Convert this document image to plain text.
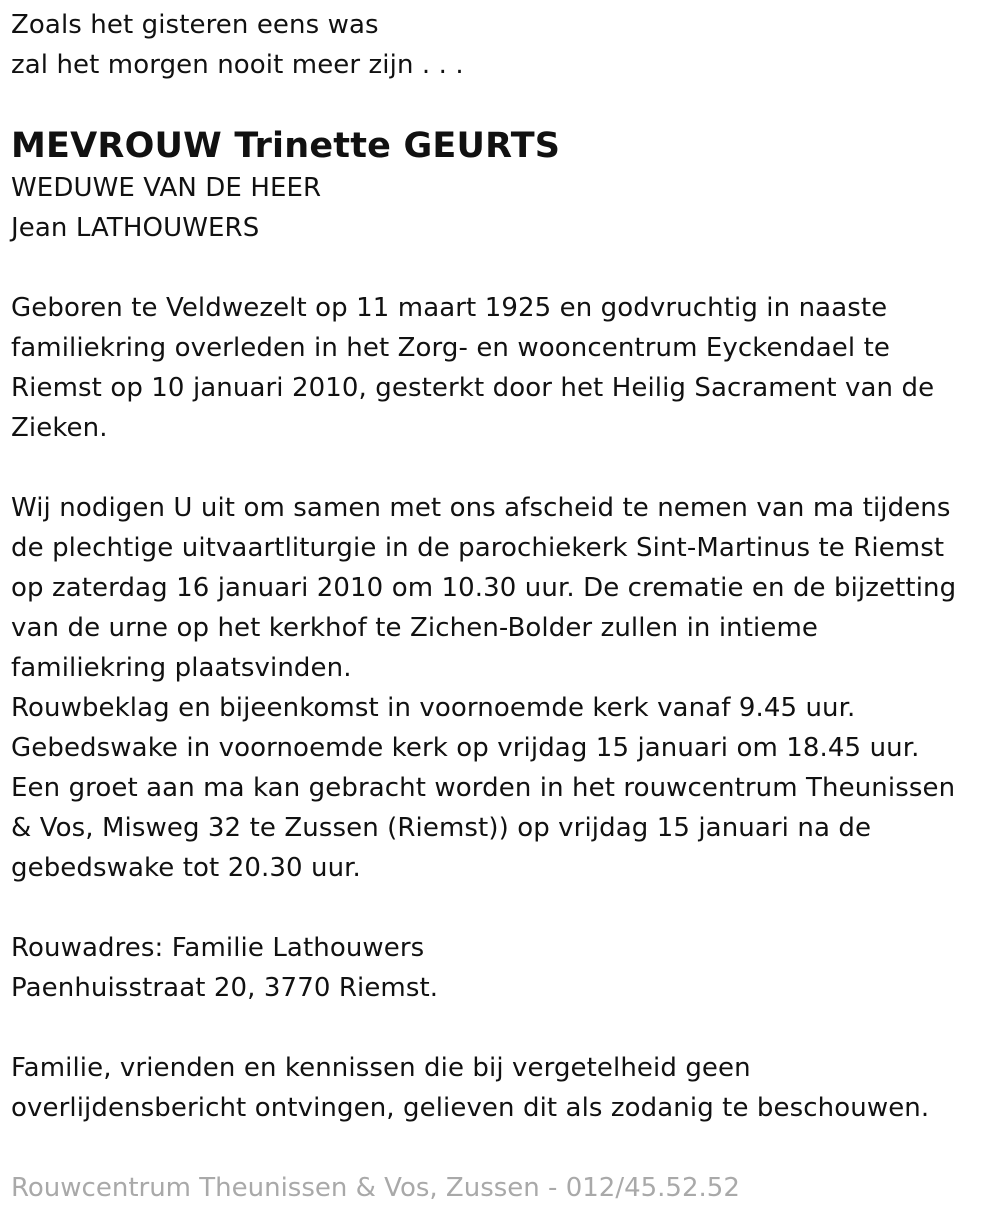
Zoals het gisteren eens was
zal het morgen nooit meer zijn . . .
MEVROUW Trinette GEURTS
WEDUWE VAN DE HEER
Jean LATHOUWERS
Geboren te Veldwezelt op 11 maart 1925 en godvruchtig in naaste
familiekring overleden in het Zorg- en wooncentrum Eyckendael te
Riemst op 10 januari 2010, gesterkt door het Heilig Sacrament van de
Zieken.
Wij nodigen U uit om samen met ons afscheid te nemen van ma tijdens
de plechtige uitvaartliturgie in de parochiekerk Sint-Martinus te Riemst
op zaterdag 16 januari 2010 om 10.30 uur. De crematie en de bijzetting
van de urne op het kerkhof te Zichen-Bolder zullen in intieme
familiekring plaatsvinden.
Rouwbeklag en bijeenkomst in voornoemde kerk vanaf 9.45 uur.
Gebedswake in voornoemde kerk op vrijdag 15 januari om 18.45 uur.
Een groet aan ma kan gebracht worden in het rouwcentrum Theunissen
& Vos, Misweg 32 te Zussen (Riemst)) op vrijdag 15 januari na de
gebedswake tot 20.30 uur.
Rouwadres: Familie Lathouwers
Paenhuisstraat 20, 3770 Riemst.
Familie, vrienden en kennissen die bij vergetelheid geen
overlijdensbericht ontvingen, gelieven dit als zodanig te beschouwen.
Rouwcentrum Theunissen & Vos, Zussen - 012/45.52.52
